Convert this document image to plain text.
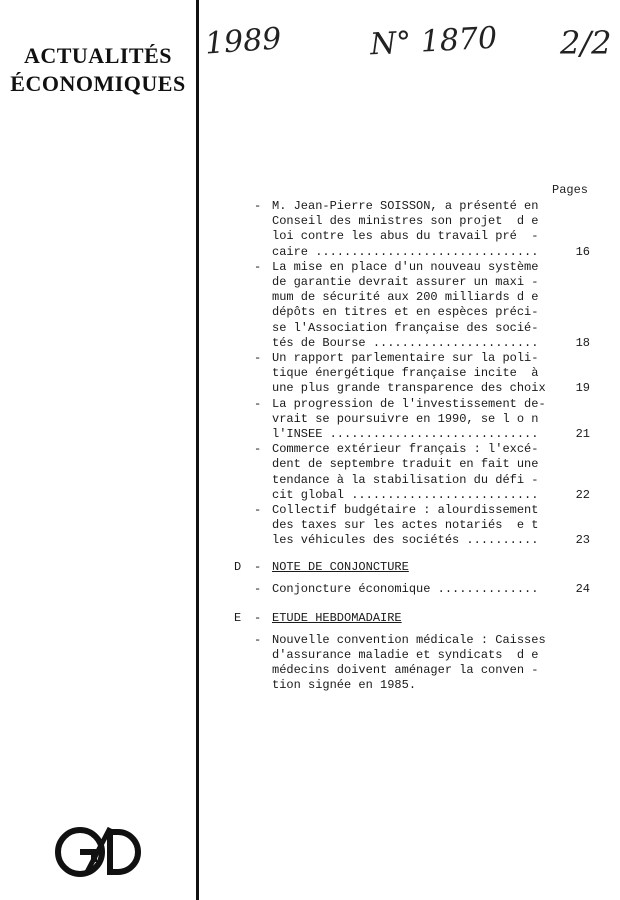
ACTUALITÉS
ÉCONOMIQUES
1989	N° 1870 2/2
Pages
- M. Jean-Pierre SOISSON, a présenté en
Conseil des ministres son projet  d e
loi contre les abus du travail pré  -
caire ...............................	16
- La mise en place d'un nouveau système
de garantie devrait assurer un maxi -
mum de sécurité aux 200 milliards d e
dépôts en titres et en espèces préci-
se l'Association française des socié-
tés de Bourse .......................	18
- Un rapport parlementaire sur la poli-
tique énergétique française incite  à
une plus grande transparence des choix	19
- La progression de l'investissement de-
vrait se poursuivre en 1990, se l o n
l'INSEE .............................	21
- Commerce extérieur français : l'excé-
dent de septembre traduit en fait une
tendance à la stabilisation du défi -
cit global ..........................	22
- Collectif budgétaire : alourdissement
des taxes sur les actes notariés  e t
les véhicules des sociétés ..........	23
D - NOTE DE CONJONCTURE
- Conjoncture économique ..............	24
E - ETUDE HEBDOMADAIRE
- Nouvelle convention médicale : Caisses
d'assurance maladie et syndicats  d e
médecins doivent aménager la conven -
tion signée en 1985.
